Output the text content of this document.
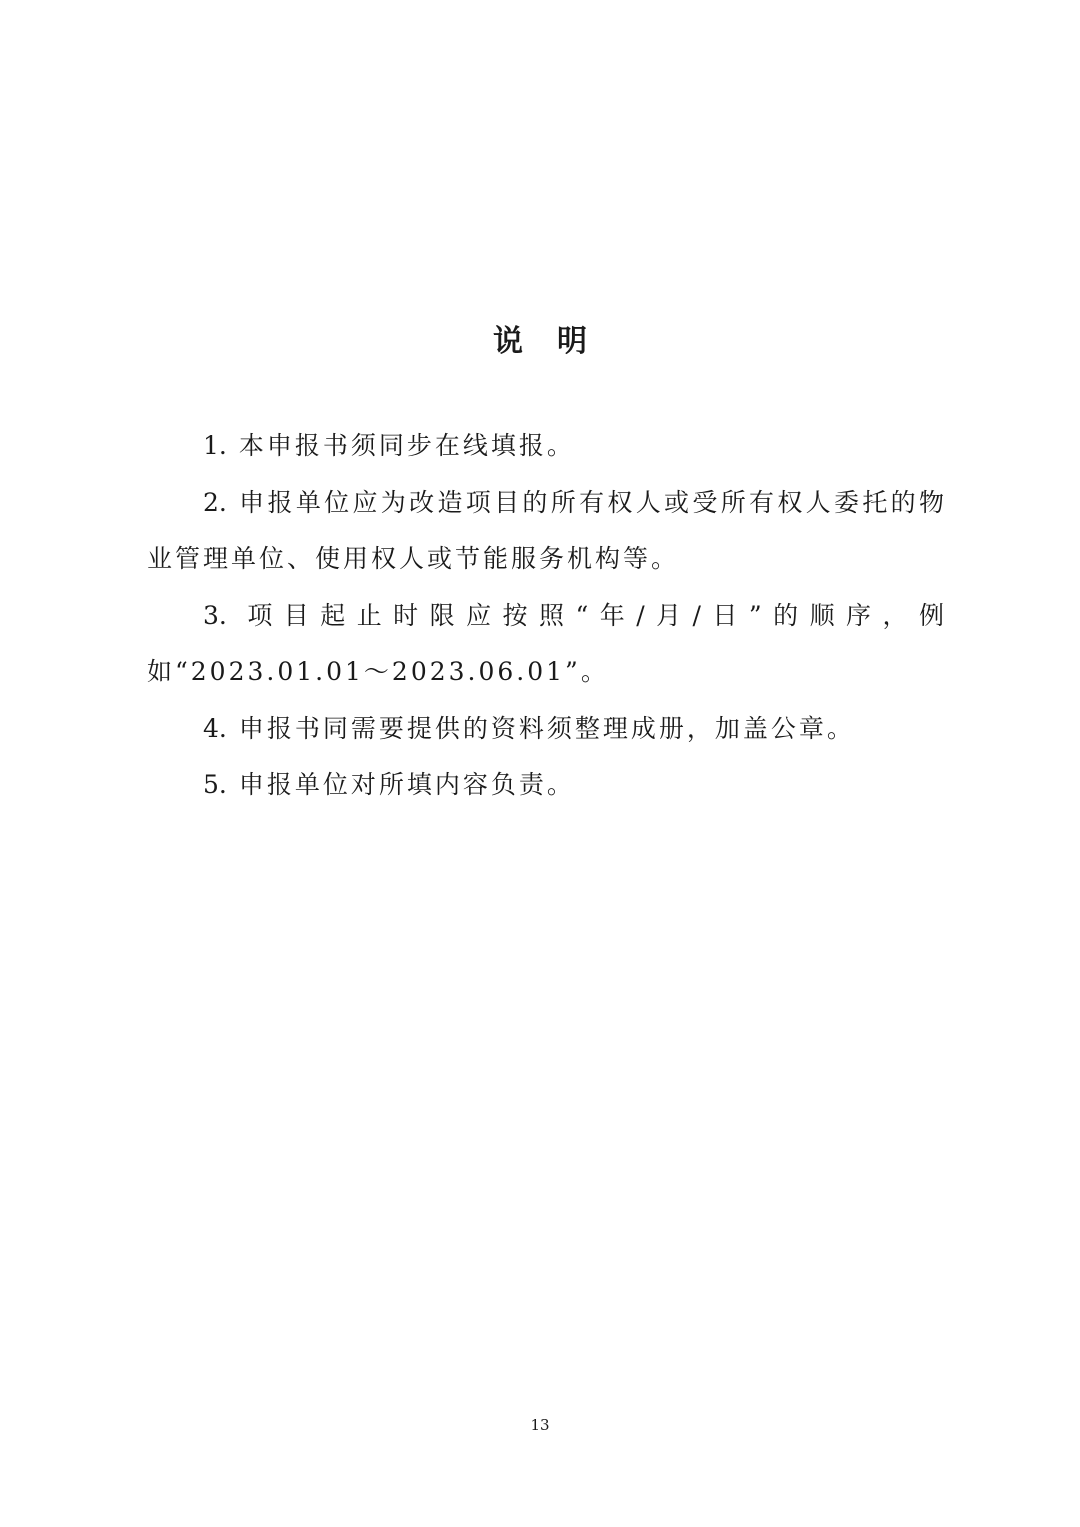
说明

1. 本申报书须同步在线填报。

2. 申报单位应为改造项目的所有权人或受所有权人委托的物业管理单位、使用权人或节能服务机构等。

3. 项目起止时限应按照“年/月/日”的顺序，例如“2023.01.01～2023.06.01”。

4. 申报书同需要提供的资料须整理成册，加盖公章。

5. 申报单位对所填内容负责。

13
